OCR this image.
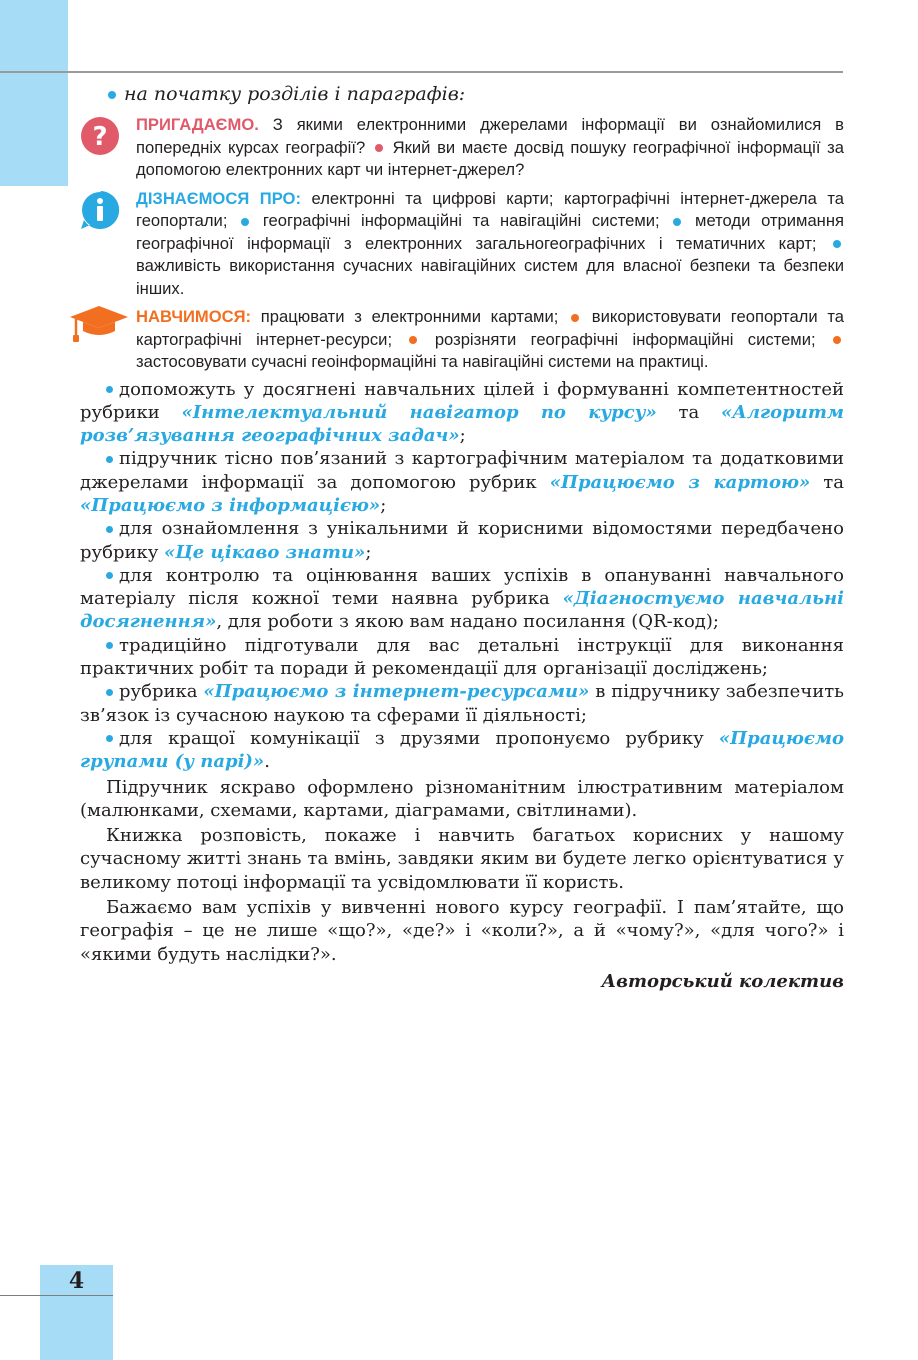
4
на початку розділів і параграфів:
? ПРИГАДАЄМО. З якими електронними джерелами інформації ви ознайомилися в попередніх курсах географії?  Який ви маєте досвід пошуку географічної інформації за допомогою електронних карт чи інтернет-джерел?
ДІЗНАЄМОСЯ ПРО: електронні та цифрові карти; картографічні інтернет-джерела та геопортали;  географічні інформаційні та навігаційні системи;  методи отримання географічної інформації з електронних загальногеографічних і тематичних карт;  важливість використання сучасних навігаційних систем для власної безпеки та безпеки інших.
НАВЧИМОСЯ: працювати з електронними картами;  використовувати геопортали та картографічні інтернет-ресурси;  розрізняти географічні інформаційні системи;  застосовувати сучасні геоінформаційні та навігаційні системи на практиці.

допоможуть у досягнені навчальних цілей і формуванні компетентностей рубрики «Інтелектуальний навігатор по курсу» та «Алгоритм розв’язування географічних задач»;

підручник тісно пов’язаний з картографічним матеріалом та додатковими джерелами інформації за допомогою рубрик «Працюємо з картою» та «Працюємо з інформацією»;

для ознайомлення з унікальними й корисними відомостями передбачено рубрику «Це цікаво знати»;

для контролю та оцінювання ваших успіхів в опануванні навчального матеріалу після кожної теми наявна рубрика «Діагностуємо навчальні досягнення», для роботи з якою вам надано посилання (QR-код);

традиційно підготували для вас детальні інструкції для виконання практичних робіт та поради й рекомендації для організації досліджень;

рубрика «Працюємо з інтернет-ресурсами» в підручнику забезпечить зв’язок із сучасною наукою та сферами її діяльності;

для кращої комунікації з друзями пропонуємо рубрику «Працюємо групами (у парі)».

Підручник яскраво оформлено різноманітним ілюстративним матеріалом (малюнками, схемами, картами, діаграмами, світлинами).

Книжка розповість, покаже і навчить багатьох корисних у нашому сучасному житті знань та вмінь, завдяки яким ви будете легко орієнтуватися у великому потоці інформації та усвідомлювати її користь.

Бажаємо вам успіхів у вивченні нового курсу географії. І пам’ятайте, що географія – це не лише «що?», «де?» і «коли?», а й «чому?», «для чого?» і «якими будуть наслідки?».

Авторський колектив
